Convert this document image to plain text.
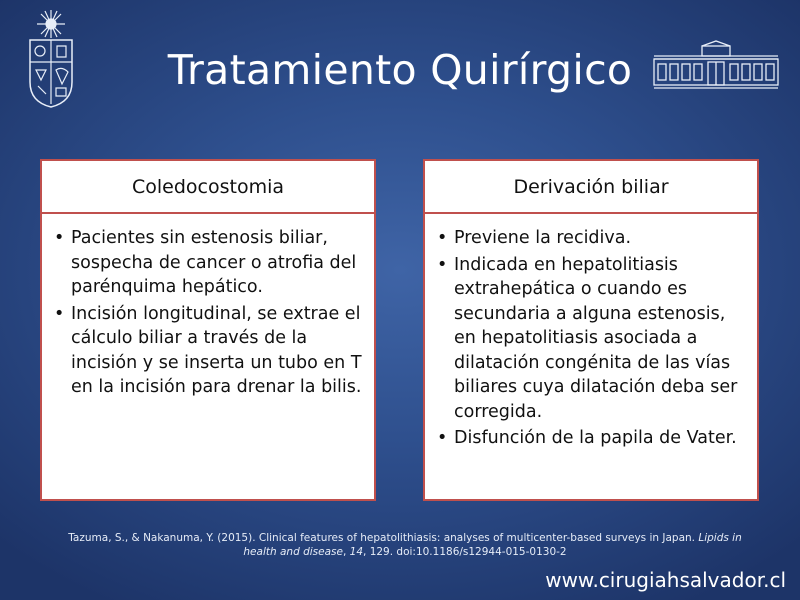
Tratamiento Quirírgico
Coledocostomia
• Pacientes sin estenosis biliar, sospecha de cancer o atrofia del parénquima hepático.
• Incisión longitudinal, se extrae el cálculo biliar a través de la incisión y se inserta un tubo en T en la incisión para drenar la bilis.
Derivación biliar
• Previene la recidiva.
• Indicada en hepatolitiasis extrahepática o cuando es secundaria a alguna estenosis, en hepatolitiasis asociada a dilatación congénita de las vías biliares cuya dilatación deba ser corregida.
• Disfunción de la papila de Vater.
Tazuma, S., & Nakanuma, Y. (2015). Clinical features of hepatolithiasis: analyses of multicenter-based surveys in Japan. Lipids in health and disease, 14, 129. doi:10.1186/s12944-015-0130-2
www.cirugiahsalvador.cl
